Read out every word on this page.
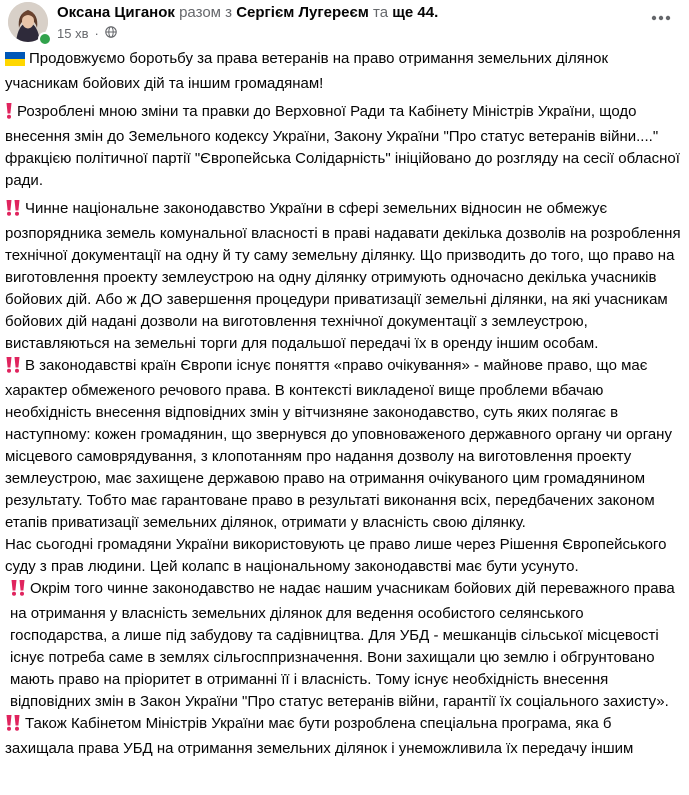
Оксана Циганок разом з Сергієм Лугереєм та ще 44.
15 хв ·

Продовжуємо боротьбу за права ветеранів на право отримання земельних ділянок учасникам бойових дій та іншим громадянам!

Розроблені мною зміни та правки до Верховної Ради та Кабінету Міністрів України, щодо внесення змін до Земельного кодексу України, Закону України "Про статус ветеранів війни...." фракцією політичної партії "Європейська Солідарність" ініційовано до розгляду на сесії обласної ради.

Чинне національне законодавство України в сфері земельних відносин не обмежує розпорядника земель комунальної власності в праві надавати декілька дозволів на розроблення технічної документації на одну й ту саму земельну ділянку. Що призводить до того, що право на виготовлення проекту землеустрою на одну ділянку отримують одночасно декілька учасників бойових дій. Або ж ДО завершення процедури приватизації земельні ділянки, на які учасникам бойових дій надані дозволи на виготовлення технічної документації з землеустрою, виставляються на земельні торги для подальшої передачі їх в оренду іншим особам.

В законодавстві країн Європи існує поняття «право очікування» - майнове право, що має характер обмеженого речового права. В контексті викладеної вище проблеми вбачаю необхідність внесення відповідних змін у вітчизняне законодавство, суть яких полягає в наступному: кожен громадянин, що звернувся до уповноваженого державного органу чи органу місцевого самоврядування, з клопотанням про надання дозволу на виготовлення проекту землеустрою, має захищене державою право на отримання очікуваного цим громадянином результату. Тобто має гарантоване право в результаті виконання всіх, передбачених законом етапів приватизації земельних ділянок, отримати у власність свою ділянку.

Нас сьогодні громадяни України використовують це право лише через Рішення Європейського суду з прав людини. Цей колапс в національному законодавстві має бути усунуто.

Окрім того чинне законодавство не надає нашим учасникам бойових дій переважного права на отримання у власність земельних ділянок для ведення особистого селянського господарства, а лише під забудову та садівництва. Для УБД - мешканців сільської місцевості існує потреба саме в землях сільгосппризначення. Вони захищали цю землю і обгрунтовано мають право на пріоритет в отриманні її і власність. Тому існує необхідність внесення відповідних змін в Закон України "Про статус ветеранів війни, гарантії їх соціального захисту».

Також Кабінетом Міністрів України має бути розроблена спеціальна програма, яка б захищала права УБД на отримання земельних ділянок і унеможливила їх передачу іншим
